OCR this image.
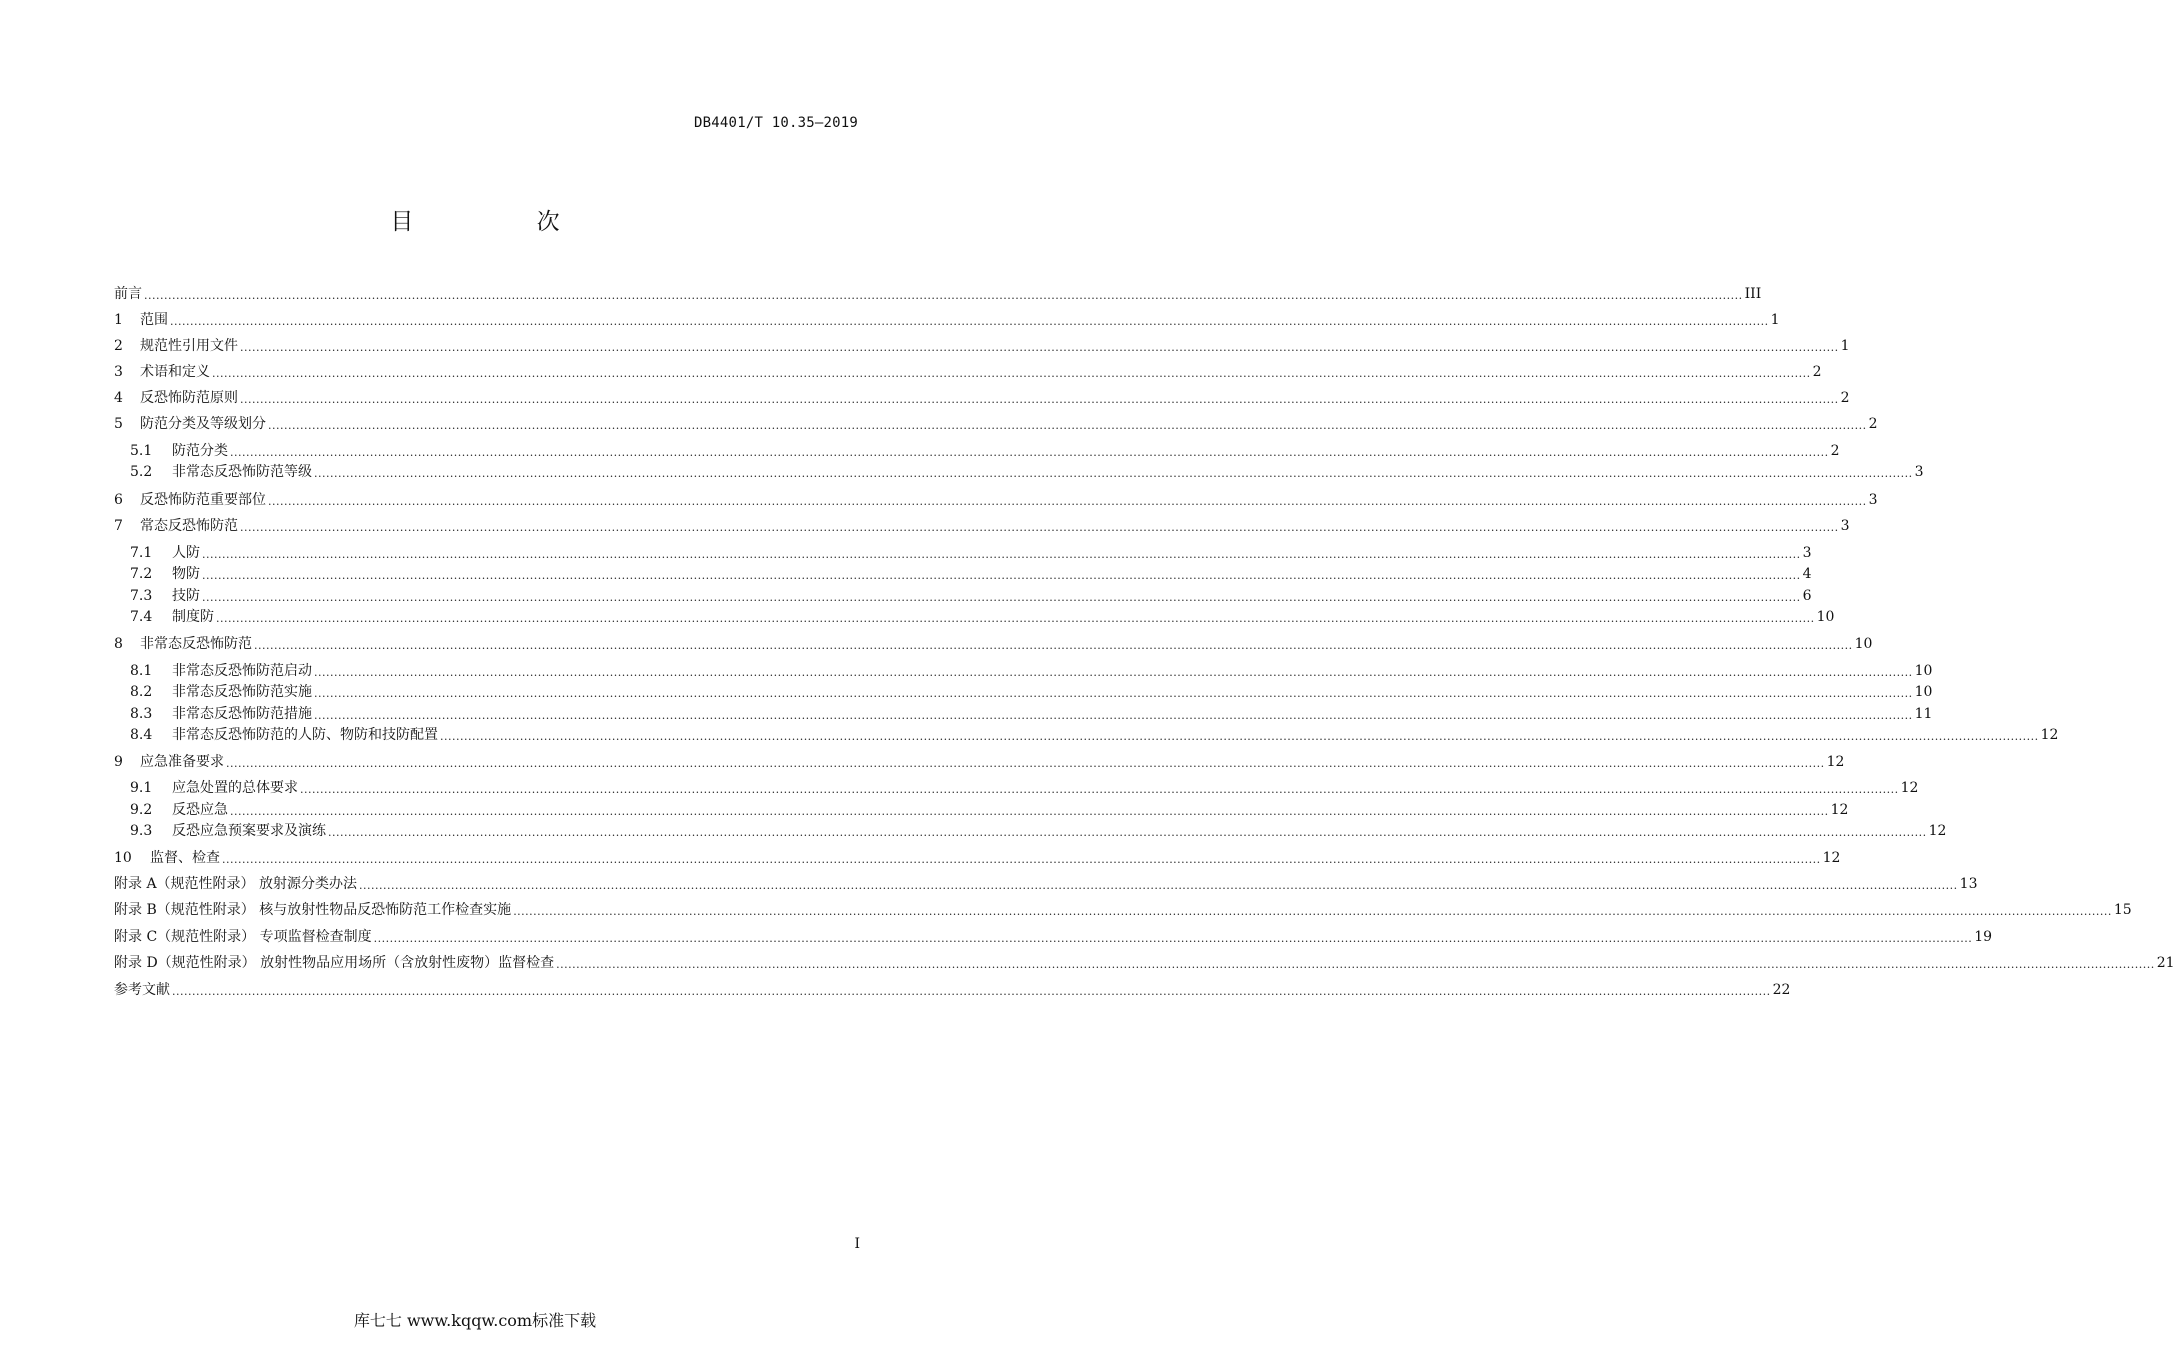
DB4401/T 10.35—2019
目 次
前言 ................................................................................................................................................................................................................................................................................................................................................................................................................ III
1	范围 ................................................................................................................................................................................................................................................................................................................................................................................................................ 1
2	规范性引用文件 ................................................................................................................................................................................................................................................................................................................................................................................................................ 1
3	术语和定义 ................................................................................................................................................................................................................................................................................................................................................................................................................ 2
4	反恐怖防范原则 ................................................................................................................................................................................................................................................................................................................................................................................................................ 2
5	防范分类及等级划分 ................................................................................................................................................................................................................................................................................................................................................................................................................ 2
5.1	防范分类 ................................................................................................................................................................................................................................................................................................................................................................................................................ 2
5.2	非常态反恐怖防范等级 ................................................................................................................................................................................................................................................................................................................................................................................................................ 3
6	反恐怖防范重要部位 ................................................................................................................................................................................................................................................................................................................................................................................................................ 3
7	常态反恐怖防范 ................................................................................................................................................................................................................................................................................................................................................................................................................ 3
7.1	人防 ................................................................................................................................................................................................................................................................................................................................................................................................................ 3
7.2	物防 ................................................................................................................................................................................................................................................................................................................................................................................................................ 4
7.3	技防 ................................................................................................................................................................................................................................................................................................................................................................................................................ 6
7.4	制度防 ................................................................................................................................................................................................................................................................................................................................................................................................................ 10
8	非常态反恐怖防范 ................................................................................................................................................................................................................................................................................................................................................................................................................ 10
8.1	非常态反恐怖防范启动 ................................................................................................................................................................................................................................................................................................................................................................................................................ 10
8.2	非常态反恐怖防范实施 ................................................................................................................................................................................................................................................................................................................................................................................................................ 10
8.3	非常态反恐怖防范措施 ................................................................................................................................................................................................................................................................................................................................................................................................................ 11
8.4	非常态反恐怖防范的人防、物防和技防配置 ................................................................................................................................................................................................................................................................................................................................................................................................................ 12
9	应急准备要求 ................................................................................................................................................................................................................................................................................................................................................................................................................ 12
9.1	应急处置的总体要求 ................................................................................................................................................................................................................................................................................................................................................................................................................ 12
9.2	反恐应急 ................................................................................................................................................................................................................................................................................................................................................................................................................ 12
9.3	反恐应急预案要求及演练 ................................................................................................................................................................................................................................................................................................................................................................................................................ 12
10	监督、检查 ................................................................................................................................................................................................................................................................................................................................................................................................................ 12
附录 A（规范性附录） 放射源分类办法 ................................................................................................................................................................................................................................................................................................................................................................................................................ 13
附录 B（规范性附录） 核与放射性物品反恐怖防范工作检查实施 ................................................................................................................................................................................................................................................................................................................................................................................................................ 15
附录 C（规范性附录） 专项监督检查制度 ................................................................................................................................................................................................................................................................................................................................................................................................................ 19
附录 D（规范性附录） 放射性物品应用场所（含放射性废物）监督检查 ................................................................................................................................................................................................................................................................................................................................................................................................................ 21
参考文献 ................................................................................................................................................................................................................................................................................................................................................................................................................ 22
I
库七七 www.kqqw.com标准下载
